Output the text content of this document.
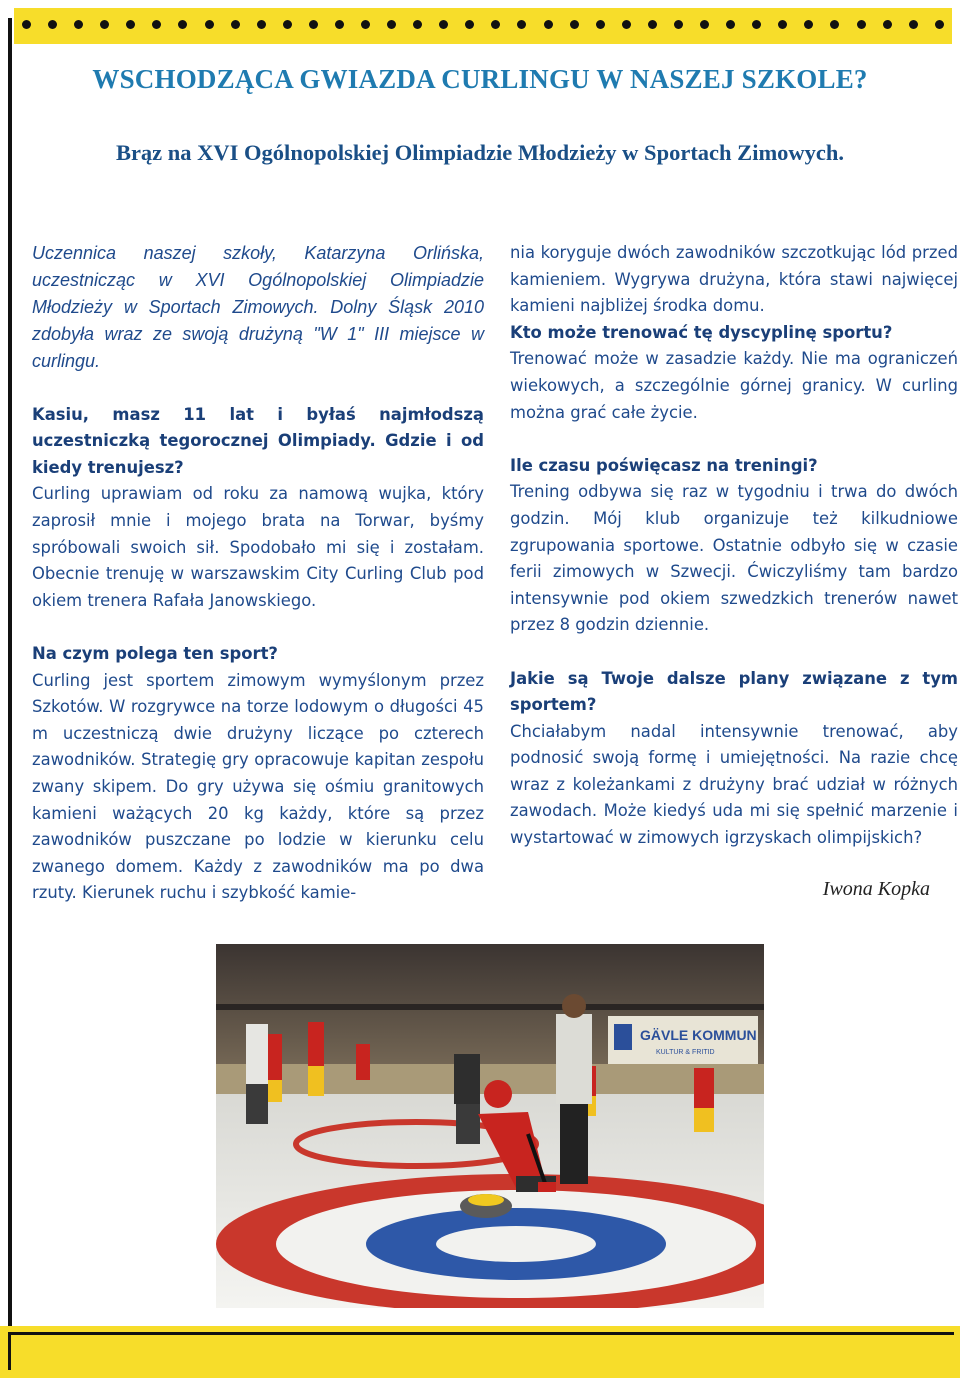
WSCHODZĄCA GWIAZDA CURLINGU W NASZEJ SZKOLE?
Brąz na XVI Ogólnopolskiej Olimpiadzie Młodzieży w Sportach Zimowych.

Uczennica naszej szkoły, Katarzyna Orlińska, uczestnicząc w XVI Ogólnopolskiej Olimpiadzie Młodzieży w Sportach Zimowych. Dolny Śląsk 2010 zdobyła wraz ze swoją drużyną "W 1" III miejsce w curlingu.

Kasiu, masz 11 lat i byłaś najmłodszą uczestniczką tegorocznej Olimpiady. Gdzie i od kiedy trenujesz?

Curling uprawiam od roku za namową wujka, który zaprosił mnie i mojego brata na Torwar, byśmy spróbowali swoich sił. Spodobało mi się i zostałam. Obecnie trenuję w warszawskim City Curling Club pod okiem trenera Rafała Janowskiego.

Na czym polega ten sport?

Curling jest sportem zimowym wymyślonym przez Szkotów. W rozgrywce na torze lodowym o długości 45 m uczestniczą dwie drużyny liczące po czterech zawodników. Strategię gry opracowuje kapitan zespołu zwany skipem. Do gry używa się ośmiu granitowych kamieni ważących 20 kg każdy, które są przez zawodników puszczane po lodzie w kierunku celu zwanego domem. Każdy z zawodników ma po dwa rzuty. Kierunek ruchu i szybkość kamie-

nia koryguje dwóch zawodników szczotkując lód przed kamieniem. Wygrywa drużyna, która stawi najwięcej kamieni najbliżej środka domu.

Kto może trenować tę dyscyplinę sportu?

Trenować może w zasadzie każdy. Nie ma ograniczeń wiekowych, a szczególnie górnej granicy. W curling można grać całe życie.

Ile czasu poświęcasz na treningi?

Trening odbywa się raz w tygodniu i trwa do dwóch godzin. Mój klub organizuje też kilkudniowe zgrupowania sportowe. Ostatnie odbyło się w czasie ferii zimowych w Szwecji. Ćwiczyliśmy tam bardzo intensywnie pod okiem szwedzkich trenerów nawet przez 8 godzin dziennie.

Jakie są Twoje dalsze plany związane z tym sportem?

Chciałabym nadal intensywnie trenować, aby podnosić swoją formę i umiejętności. Na razie chcę wraz z koleżankami z drużyny brać udział w różnych zawodach. Może kiedyś uda mi się spełnić marzenie i wystartować w zimowych igrzyskach olimpijskich?

Iwona Kopka
GÄVLE KOMMUN
KULTUR & FRITID
